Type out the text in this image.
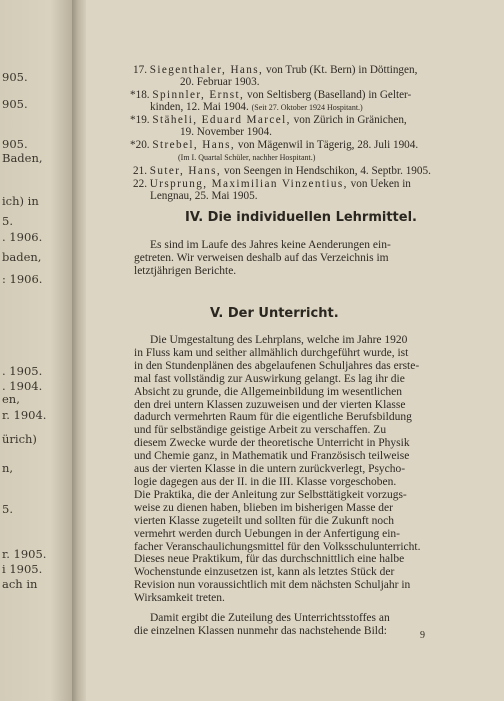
905.
905.
905.
Baden,
ich) in
5.
. 1906.
baden,
: 1906.
. 1905.
. 1904.
en,
r. 1904.
ürich)
n,
5.
r. 1905.
i 1905.
ach in
17. Siegenthaler, Hans, von Trub (Kt. Bern) in Döttingen,
20. Februar 1903.
*18. Spinnler, Ernst, von Seltisberg (Baselland) in Gelter-
kinden, 12. Mai 1904. (Seit 27. Oktober 1924 Hospitant.)
*19. Stäheli, Eduard Marcel, von Zürich in Gränichen,
19. November 1904.
*20. Strebel, Hans, von Mägenwil in Tägerig, 28. Juli 1904.
(Im I. Quartal Schüler, nachher Hospitant.)
21. Suter, Hans, von Seengen in Hendschikon, 4. Septbr. 1905.
22. Ursprung, Maximilian Vinzentius, von Ueken in
Lengnau, 25. Mai 1905.
IV. Die individuellen Lehrmittel.
Es sind im Laufe des Jahres keine Aenderungen ein-
getreten. Wir verweisen deshalb auf das Verzeichnis im
letztjährigen Berichte.
V. Der Unterricht.
Die Umgestaltung des Lehrplans, welche im Jahre 1920
in Fluss kam und seither allmählich durchgeführt wurde, ist
in den Stundenplänen des abgelaufenen Schuljahres das erste-
mal fast vollständig zur Auswirkung gelangt. Es lag ihr die
Absicht zu grunde, die Allgemeinbildung im wesentlichen
den drei untern Klassen zuzuweisen und der vierten Klasse
dadurch vermehrten Raum für die eigentliche Berufsbildung
und für selbständige geistige Arbeit zu verschaffen. Zu
diesem Zwecke wurde der theoretische Unterricht in Physik
und Chemie ganz, in Mathematik und Französisch teilweise
aus der vierten Klasse in die untern zurückverlegt, Psycho-
logie dagegen aus der II. in die III. Klasse vorgeschoben.
Die Praktika, die der Anleitung zur Selbsttätigkeit vorzugs-
weise zu dienen haben, blieben im bisherigen Masse der
vierten Klasse zugeteilt und sollten für die Zukunft noch
vermehrt werden durch Uebungen in der Anfertigung ein-
facher Veranschaulichungsmittel für den Volksschulunterricht.
Dieses neue Praktikum, für das durchschnittlich eine halbe
Wochenstunde einzusetzen ist, kann als letztes Stück der
Revision nun voraussichtlich mit dem nächsten Schuljahr in
Wirksamkeit treten.
Damit ergibt die Zuteilung des Unterrichtsstoffes an
die einzelnen Klassen nunmehr das nachstehende Bild:	9
